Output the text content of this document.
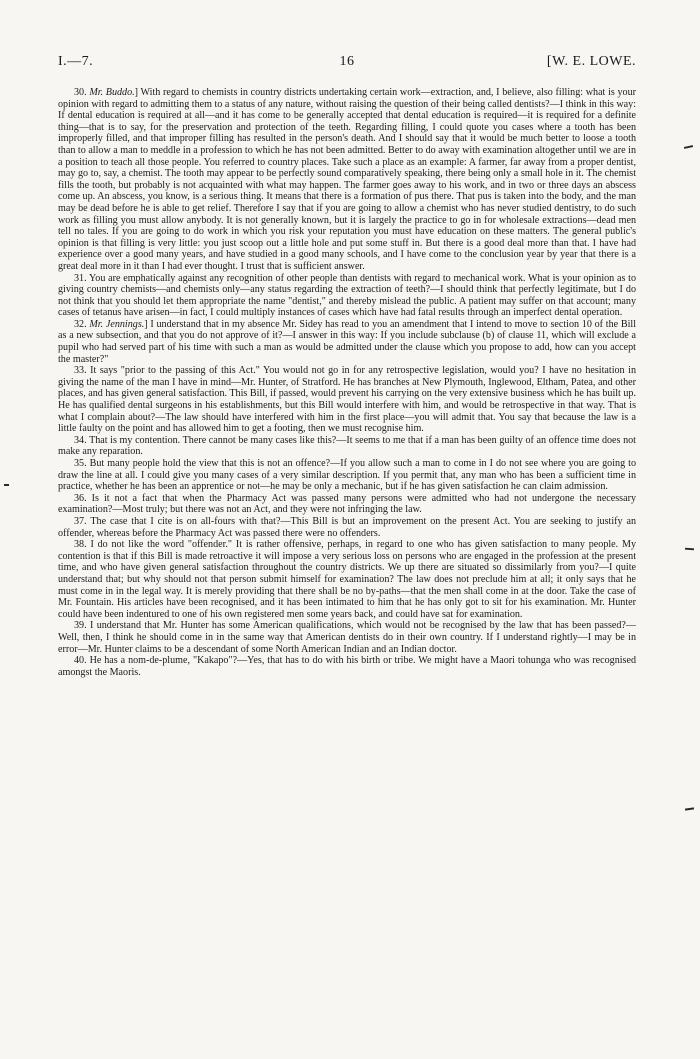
I.—7.	16	[W. E. LOWE.

30. Mr. Buddo.] With regard to chemists in country districts undertaking certain work—extraction, and, I believe, also filling: what is your opinion with regard to admitting them to a status of any nature, without raising the question of their being called dentists?—I think in this way: If dental education is required at all—and it has come to be generally accepted that dental education is required—it is required for a definite thing—that is to say, for the preservation and protection of the teeth. Regarding filling, I could quote you cases where a tooth has been improperly filled, and that improper filling has resulted in the person's death. And I should say that it would be much better to loose a tooth than to allow a man to meddle in a profession to which he has not been admitted. Better to do away with examination altogether until we are in a position to teach all those people. You referred to country places. Take such a place as an example: A farmer, far away from a proper dentist, may go to, say, a chemist. The tooth may appear to be perfectly sound comparatively speaking, there being only a small hole in it. The chemist fills the tooth, but probably is not acquainted with what may happen. The farmer goes away to his work, and in two or three days an abscess come up. An abscess, you know, is a serious thing. It means that there is a formation of pus there. That pus is taken into the body, and the man may be dead before he is able to get relief. Therefore I say that if you are going to allow a chemist who has never studied dentistry, to do such work as filling you must allow anybody. It is not generally known, but it is largely the practice to go in for wholesale extractions—dead men tell no tales. If you are going to do work in which you risk your reputation you must have education on these matters. The general public's opinion is that filling is very little: you just scoop out a little hole and put some stuff in. But there is a good deal more than that. I have had experience over a good many years, and have studied in a good many schools, and I have come to the conclusion year by year that there is a great deal more in it than I had ever thought. I trust that is sufficient answer.

31. You are emphatically against any recognition of other people than dentists with regard to mechanical work. What is your opinion as to giving country chemists—and chemists only—any status regarding the extraction of teeth?—I should think that perfectly legitimate, but I do not think that you should let them appropriate the name "dentist," and thereby mislead the public. A patient may suffer on that account; many cases of tetanus have arisen—in fact, I could multiply instances of cases which have had fatal results through an imperfect dental operation.

32. Mr. Jennings.] I understand that in my absence Mr. Sidey has read to you an amendment that I intend to move to section 10 of the Bill as a new subsection, and that you do not approve of it?—I answer in this way: If you include subclause (b) of clause 11, which will exclude a pupil who had served part of his time with such a man as would be admitted under the clause which you propose to add, how can you accept the master?"

33. It says "prior to the passing of this Act." You would not go in for any retrospective legislation, would you? I have no hesitation in giving the name of the man I have in mind—Mr. Hunter, of Stratford. He has branches at New Plymouth, Inglewood, Eltham, Patea, and other places, and has given general satisfaction. This Bill, if passed, would prevent his carrying on the very extensive business which he has built up. He has qualified dental surgeons in his establishments, but this Bill would interfere with him, and would be retrospective in that way. That is what I complain about?—The law should have interfered with him in the first place—you will admit that. You say that because the law is a little faulty on the point and has allowed him to get a footing, then we must recognise him.

34. That is my contention. There cannot be many cases like this?—It seems to me that if a man has been guilty of an offence time does not make any reparation.

35. But many people hold the view that this is not an offence?—If you allow such a man to come in I do not see where you are going to draw the line at all. I could give you many cases of a very similar description. If you permit that, any man who has been a sufficient time in practice, whether he has been an apprentice or not—he may be only a mechanic, but if he has given satisfaction he can claim admission.

36. Is it not a fact that when the Pharmacy Act was passed many persons were admitted who had not undergone the necessary examination?—Most truly; but there was not an Act, and they were not infringing the law.

37. The case that I cite is on all-fours with that?—This Bill is but an improvement on the present Act. You are seeking to justify an offender, whereas before the Pharmacy Act was passed there were no offenders.

38. I do not like the word "offender." It is rather offensive, perhaps, in regard to one who has given satisfaction to many people. My contention is that if this Bill is made retroactive it will impose a very serious loss on persons who are engaged in the profession at the present time, and who have given general satisfaction throughout the country districts. We up there are situated so dissimilarly from you?—I quite understand that; but why should not that person submit himself for examination? The law does not preclude him at all; it only says that he must come in in the legal way. It is merely providing that there shall be no by-paths—that the men shall come in at the door. Take the case of Mr. Fountain. His articles have been recognised, and it has been intimated to him that he has only got to sit for his examination. Mr. Hunter could have been indentured to one of his own registered men some years back, and could have sat for examination.

39. I understand that Mr. Hunter has some American qualifications, which would not be recognised by the law that has been passed?—Well, then, I think he should come in in the same way that American dentists do in their own country. If I understand rightly—I may be in error—Mr. Hunter claims to be a descendant of some North American Indian and an Indian doctor.

40. He has a nom-de-plume, "Kakapo"?—Yes, that has to do with his birth or tribe. We might have a Maori tohunga who was recognised amongst the Maoris.
